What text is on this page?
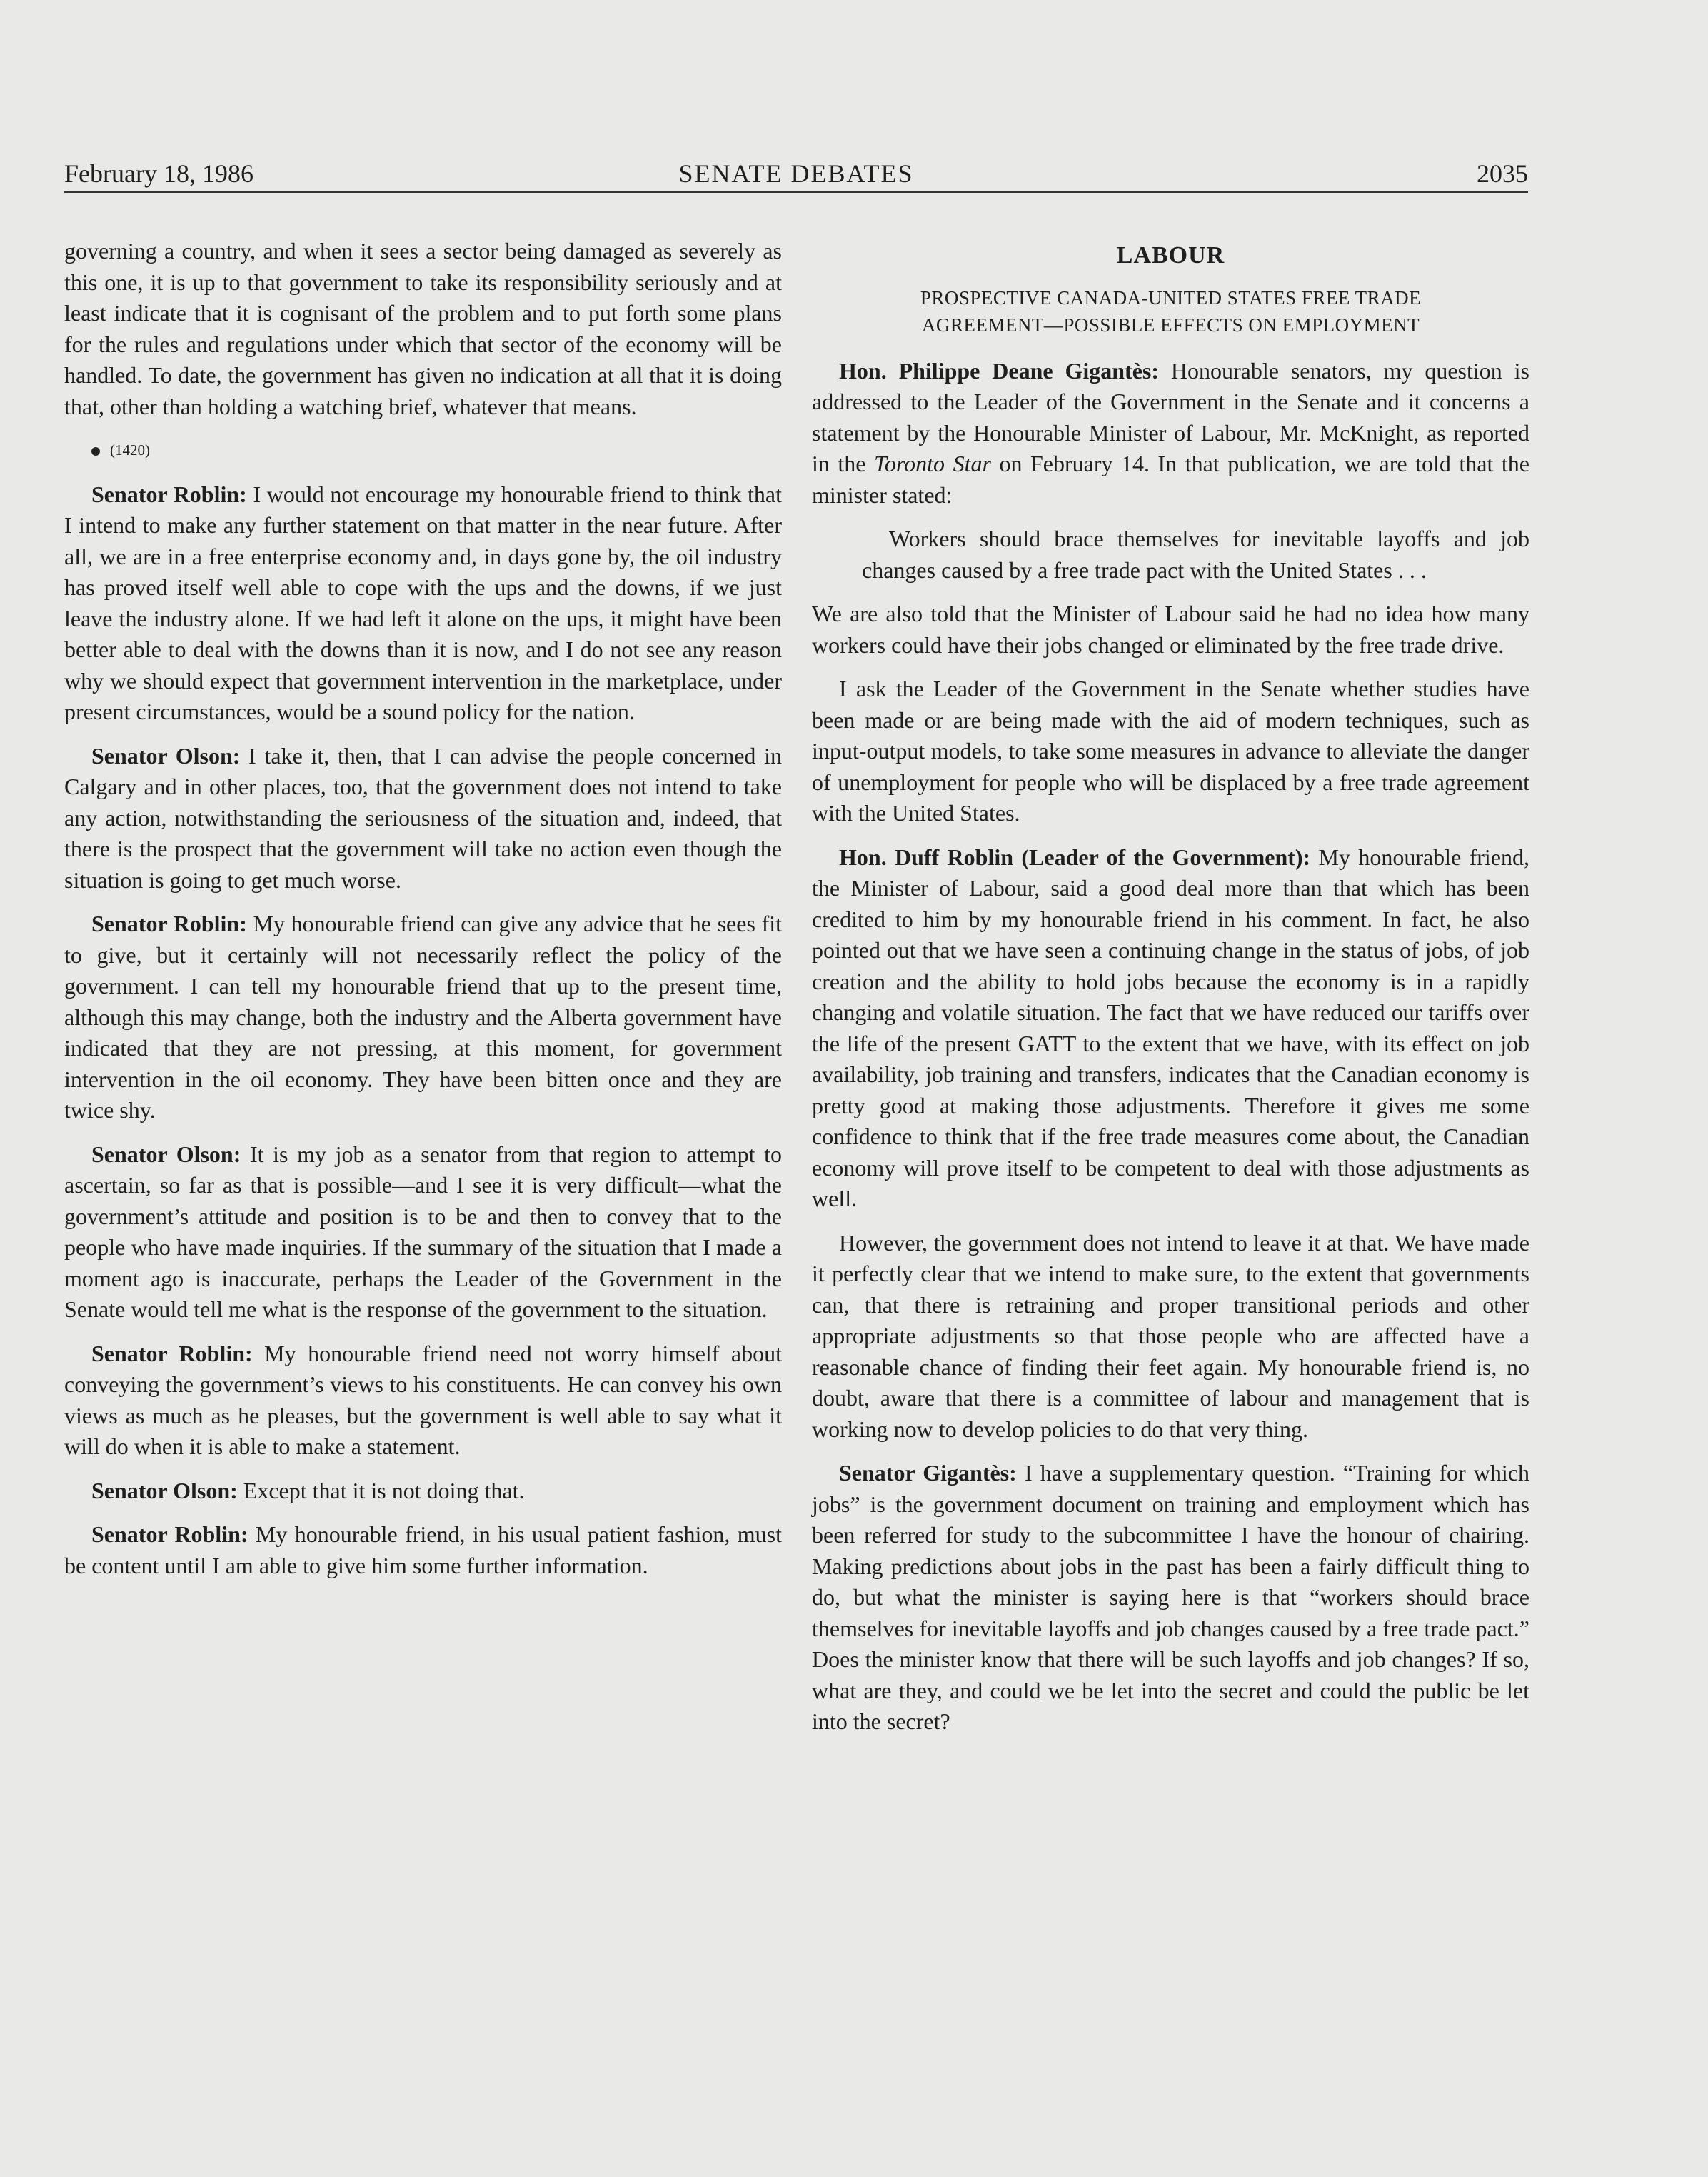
February 18, 1986	SENATE DEBATES	2035

governing a country, and when it sees a sector being damaged as severely as this one, it is up to that government to take its responsibility seriously and at least indicate that it is cognisant of the problem and to put forth some plans for the rules and regulations under which that sector of the economy will be handled. To date, the government has given no indication at all that it is doing that, other than holding a watching brief, whatever that means.

(1420)

Senator Roblin: I would not encourage my honourable friend to think that I intend to make any further statement on that matter in the near future. After all, we are in a free enterprise economy and, in days gone by, the oil industry has proved itself well able to cope with the ups and the downs, if we just leave the industry alone. If we had left it alone on the ups, it might have been better able to deal with the downs than it is now, and I do not see any reason why we should expect that government intervention in the marketplace, under present circumstances, would be a sound policy for the nation.

Senator Olson: I take it, then, that I can advise the people concerned in Calgary and in other places, too, that the government does not intend to take any action, notwithstanding the seriousness of the situation and, indeed, that there is the prospect that the government will take no action even though the situation is going to get much worse.

Senator Roblin: My honourable friend can give any advice that he sees fit to give, but it certainly will not necessarily reflect the policy of the government. I can tell my honourable friend that up to the present time, although this may change, both the industry and the Alberta government have indicated that they are not pressing, at this moment, for government intervention in the oil economy. They have been bitten once and they are twice shy.

Senator Olson: It is my job as a senator from that region to attempt to ascertain, so far as that is possible—and I see it is very difficult—what the government’s attitude and position is to be and then to convey that to the people who have made inquiries. If the summary of the situation that I made a moment ago is inaccurate, perhaps the Leader of the Government in the Senate would tell me what is the response of the government to the situation.

Senator Roblin: My honourable friend need not worry himself about conveying the government’s views to his constituents. He can convey his own views as much as he pleases, but the government is well able to say what it will do when it is able to make a statement.

Senator Olson: Except that it is not doing that.

Senator Roblin: My honourable friend, in his usual patient fashion, must be content until I am able to give him some further information.

LABOUR
PROSPECTIVE CANADA-UNITED STATES FREE TRADE
AGREEMENT—POSSIBLE EFFECTS ON EMPLOYMENT

Hon. Philippe Deane Gigantès: Honourable senators, my question is addressed to the Leader of the Government in the Senate and it concerns a statement by the Honourable Minister of Labour, Mr. McKnight, as reported in the Toronto Star on February 14. In that publication, we are told that the minister stated:

Workers should brace themselves for inevitable layoffs and job changes caused by a free trade pact with the United States . . .

We are also told that the Minister of Labour said he had no idea how many workers could have their jobs changed or eliminated by the free trade drive.

I ask the Leader of the Government in the Senate whether studies have been made or are being made with the aid of modern techniques, such as input-output models, to take some measures in advance to alleviate the danger of unemployment for people who will be displaced by a free trade agreement with the United States.

Hon. Duff Roblin (Leader of the Government): My honourable friend, the Minister of Labour, said a good deal more than that which has been credited to him by my honourable friend in his comment. In fact, he also pointed out that we have seen a continuing change in the status of jobs, of job creation and the ability to hold jobs because the economy is in a rapidly changing and volatile situation. The fact that we have reduced our tariffs over the life of the present GATT to the extent that we have, with its effect on job availability, job training and transfers, indicates that the Canadian economy is pretty good at making those adjustments. Therefore it gives me some confidence to think that if the free trade measures come about, the Canadian economy will prove itself to be competent to deal with those adjustments as well.

However, the government does not intend to leave it at that. We have made it perfectly clear that we intend to make sure, to the extent that governments can, that there is retraining and proper transitional periods and other appropriate adjustments so that those people who are affected have a reasonable chance of finding their feet again. My honourable friend is, no doubt, aware that there is a committee of labour and management that is working now to develop policies to do that very thing.

Senator Gigantès: I have a supplementary question. “Training for which jobs” is the government document on training and employment which has been referred for study to the subcommittee I have the honour of chairing. Making predictions about jobs in the past has been a fairly difficult thing to do, but what the minister is saying here is that “workers should brace themselves for inevitable layoffs and job changes caused by a free trade pact.” Does the minister know that there will be such layoffs and job changes? If so, what are they, and could we be let into the secret and could the public be let into the secret?
